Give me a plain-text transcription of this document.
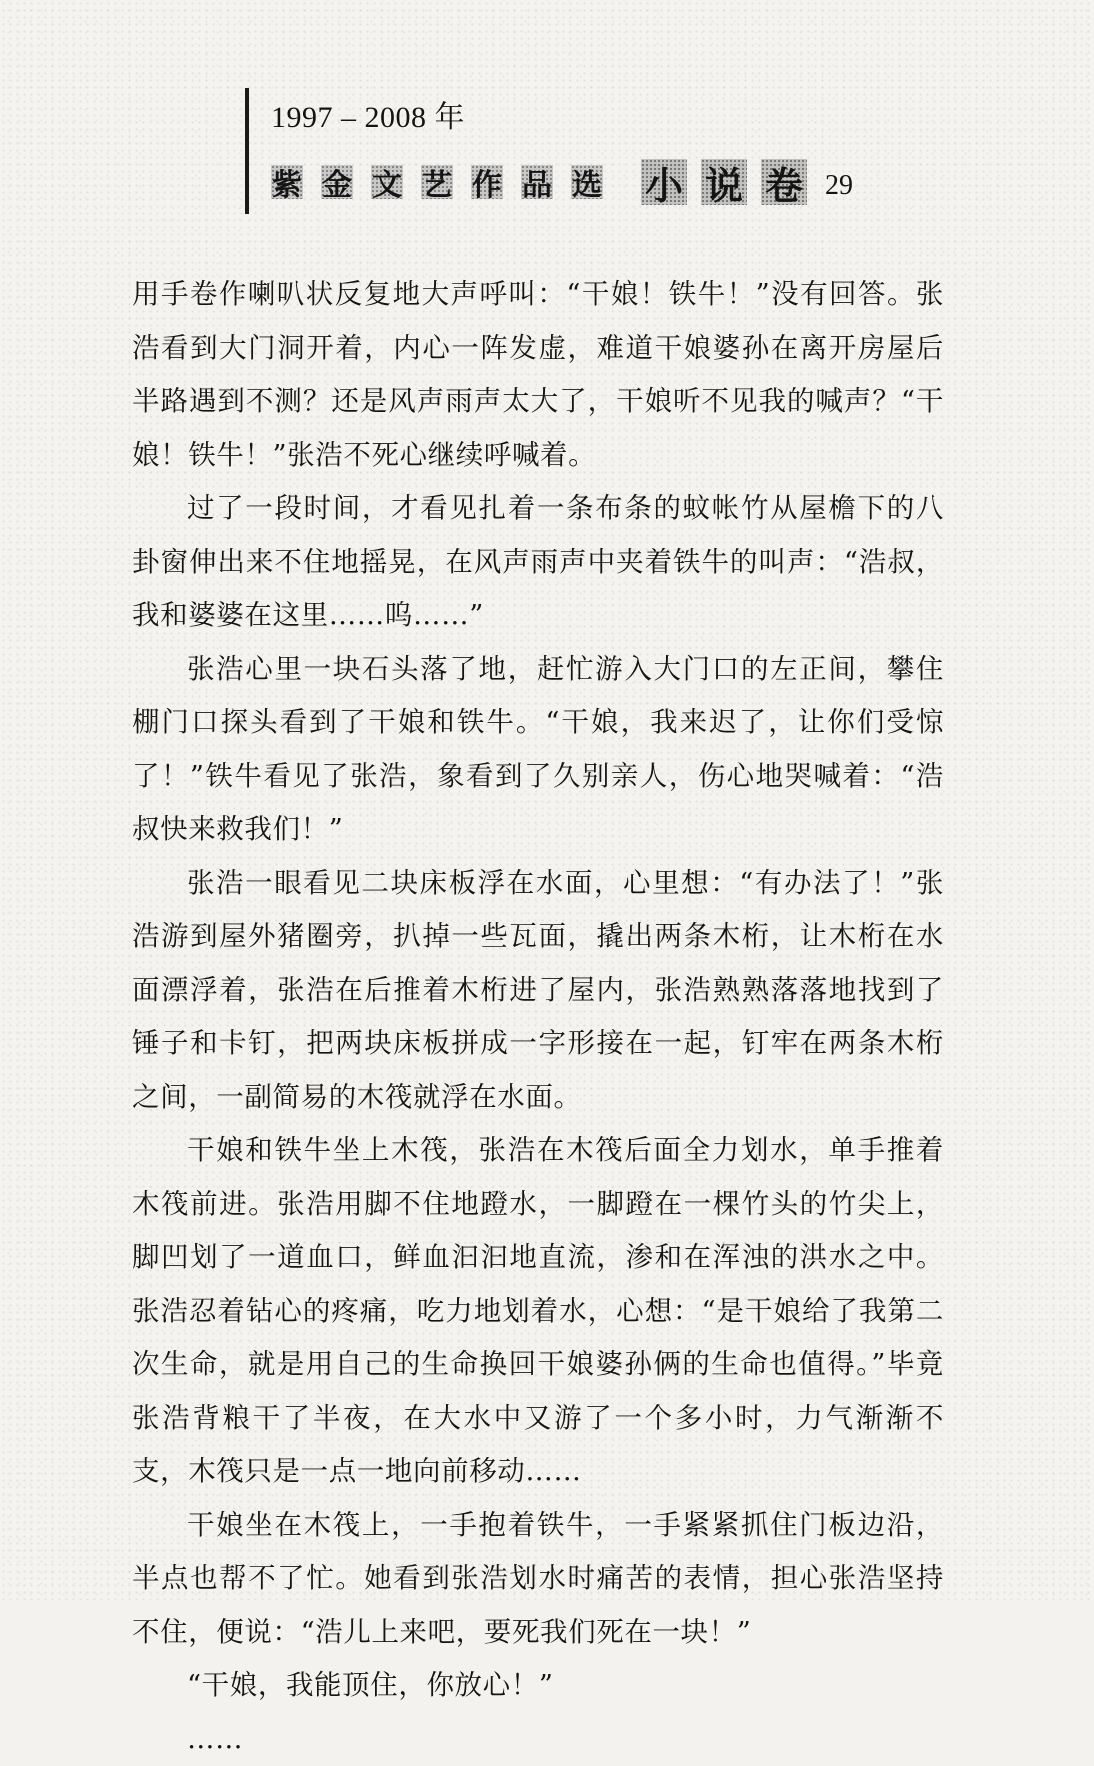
1997 – 2008 年
紫 金 文 艺 作 品 选 小 说 卷 29

用手卷作喇叭状反复地大声呼叫：“干娘！铁牛！”没有回答。张浩看到大门洞开着，内心一阵发虚，难道干娘婆孙在离开房屋后半路遇到不测？还是风声雨声太大了，干娘听不见我的喊声？“干娘！铁牛！”张浩不死心继续呼喊着。

过了一段时间，才看见扎着一条布条的蚊帐竹从屋檐下的八卦窗伸出来不住地摇晃，在风声雨声中夹着铁牛的叫声：“浩叔，我和婆婆在这里……呜……”

张浩心里一块石头落了地，赶忙游入大门口的左正间，攀住棚门口探头看到了干娘和铁牛。“干娘，我来迟了，让你们受惊了！”铁牛看见了张浩，象看到了久别亲人，伤心地哭喊着：“浩叔快来救我们！”

张浩一眼看见二块床板浮在水面，心里想：“有办法了！”张浩游到屋外猪圈旁，扒掉一些瓦面，撬出两条木桁，让木桁在水面漂浮着，张浩在后推着木桁进了屋内，张浩熟熟落落地找到了锤子和卡钉，把两块床板拼成一字形接在一起，钉牢在两条木桁之间，一副简易的木筏就浮在水面。

干娘和铁牛坐上木筏，张浩在木筏后面全力划水，单手推着木筏前进。张浩用脚不住地蹬水，一脚蹬在一棵竹头的竹尖上，脚凹划了一道血口，鲜血汩汩地直流，渗和在浑浊的洪水之中。张浩忍着钻心的疼痛，吃力地划着水，心想：“是干娘给了我第二次生命，就是用自己的生命换回干娘婆孙俩的生命也值得。”毕竟张浩背粮干了半夜，在大水中又游了一个多小时，力气渐渐不支，木筏只是一点一地向前移动……

干娘坐在木筏上，一手抱着铁牛，一手紧紧抓住门板边沿，半点也帮不了忙。她看到张浩划水时痛苦的表情，担心张浩坚持不住，便说：“浩儿上来吧，要死我们死在一块！”

“干娘，我能顶住，你放心！”

……
